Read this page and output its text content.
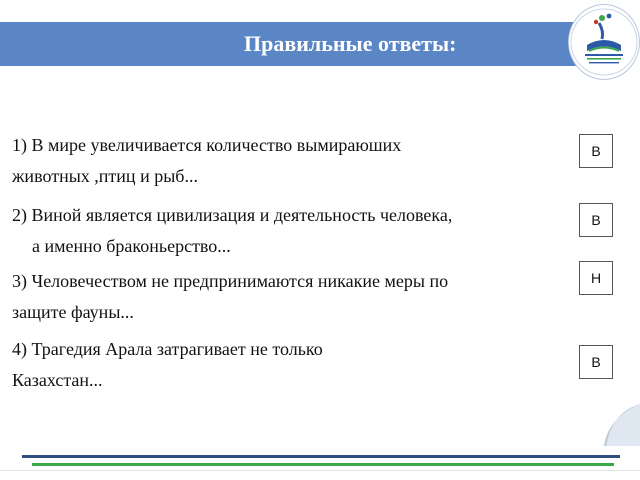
Правильные ответы:
1) В мире увеличивается количество вымираюших
животных ,птиц и рыб...
В
2) Виной является цивилизация и деятельность человека,
а именно браконьерство...
В
3) Человечеством не предпринимаются никакие меры по
защите фауны...
Н
4) Трагедия Арала затрагивает не только
Казахстан...
В
